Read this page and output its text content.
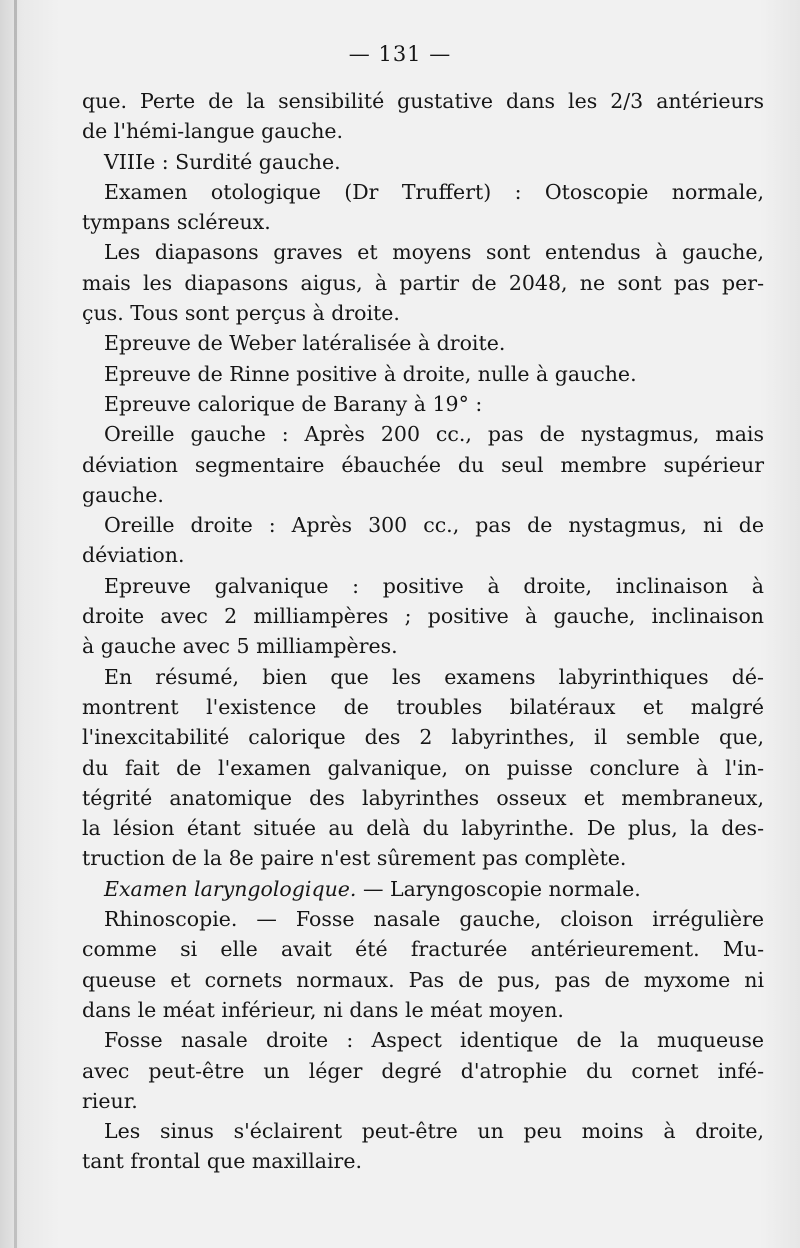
— 131 —
que. Perte de la sensibilité gustative dans les 2/3 antérieurs
de l'hémi-langue gauche.
VIIIe : Surdité gauche.
Examen otologique (Dr Truffert) : Otoscopie normale,
tympans scléreux.
Les diapasons graves et moyens sont entendus à gauche,
mais les diapasons aigus, à partir de 2048, ne sont pas per-
çus. Tous sont perçus à droite.
Epreuve de Weber latéralisée à droite.
Epreuve de Rinne positive à droite, nulle à gauche.
Epreuve calorique de Barany à 19° :
Oreille gauche : Après 200 cc., pas de nystagmus, mais
déviation segmentaire ébauchée du seul membre supérieur
gauche.
Oreille droite : Après 300 cc., pas de nystagmus, ni de
déviation.
Epreuve galvanique : positive à droite, inclinaison à
droite avec 2 milliampères ; positive à gauche, inclinaison
à gauche avec 5 milliampères.
En résumé, bien que les examens labyrinthiques dé-
montrent l'existence de troubles bilatéraux et malgré
l'inexcitabilité calorique des 2 labyrinthes, il semble que,
du fait de l'examen galvanique, on puisse conclure à l'in-
tégrité anatomique des labyrinthes osseux et membraneux,
la lésion étant située au delà du labyrinthe. De plus, la des-
truction de la 8e paire n'est sûrement pas complète.
Examen laryngologique. — Laryngoscopie normale.
Rhinoscopie. — Fosse nasale gauche, cloison irrégulière
comme si elle avait été fracturée antérieurement. Mu-
queuse et cornets normaux. Pas de pus, pas de myxome ni
dans le méat inférieur, ni dans le méat moyen.
Fosse nasale droite : Aspect identique de la muqueuse
avec peut-être un léger degré d'atrophie du cornet infé-
rieur.
Les sinus s'éclairent peut-être un peu moins à droite,
tant frontal que maxillaire.
